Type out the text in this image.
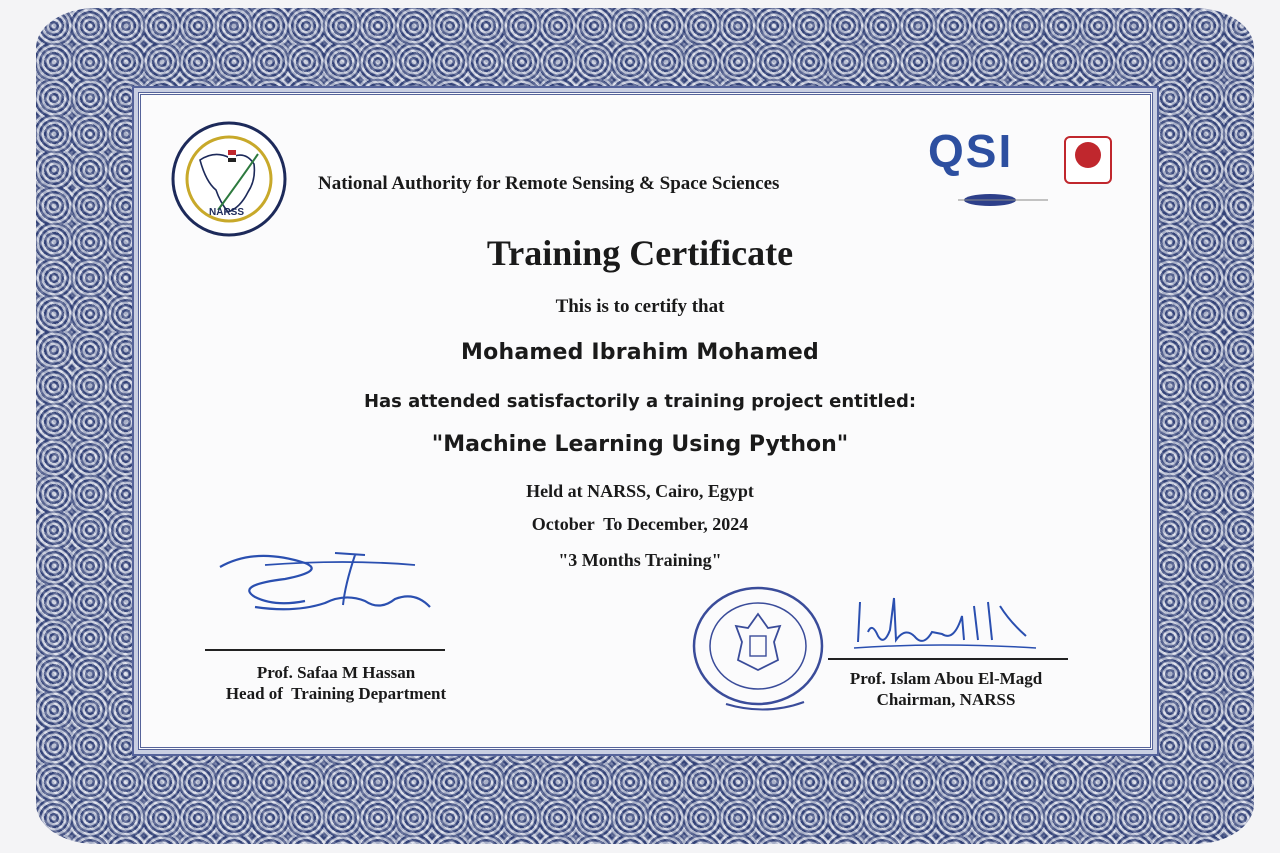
NARSS
QSI
National Authority for Remote Sensing & Space Sciences
Training Certificate
This is to certify that
Mohamed Ibrahim Mohamed
Has attended satisfactorily a training project entitled:
"Machine Learning Using Python"
Held at NARSS, Cairo, Egypt
October  To December, 2024
"3 Months Training"
Prof. Safaa M Hassan
Head of  Training Department
Prof. Islam Abou El-Magd
Chairman, NARSS
